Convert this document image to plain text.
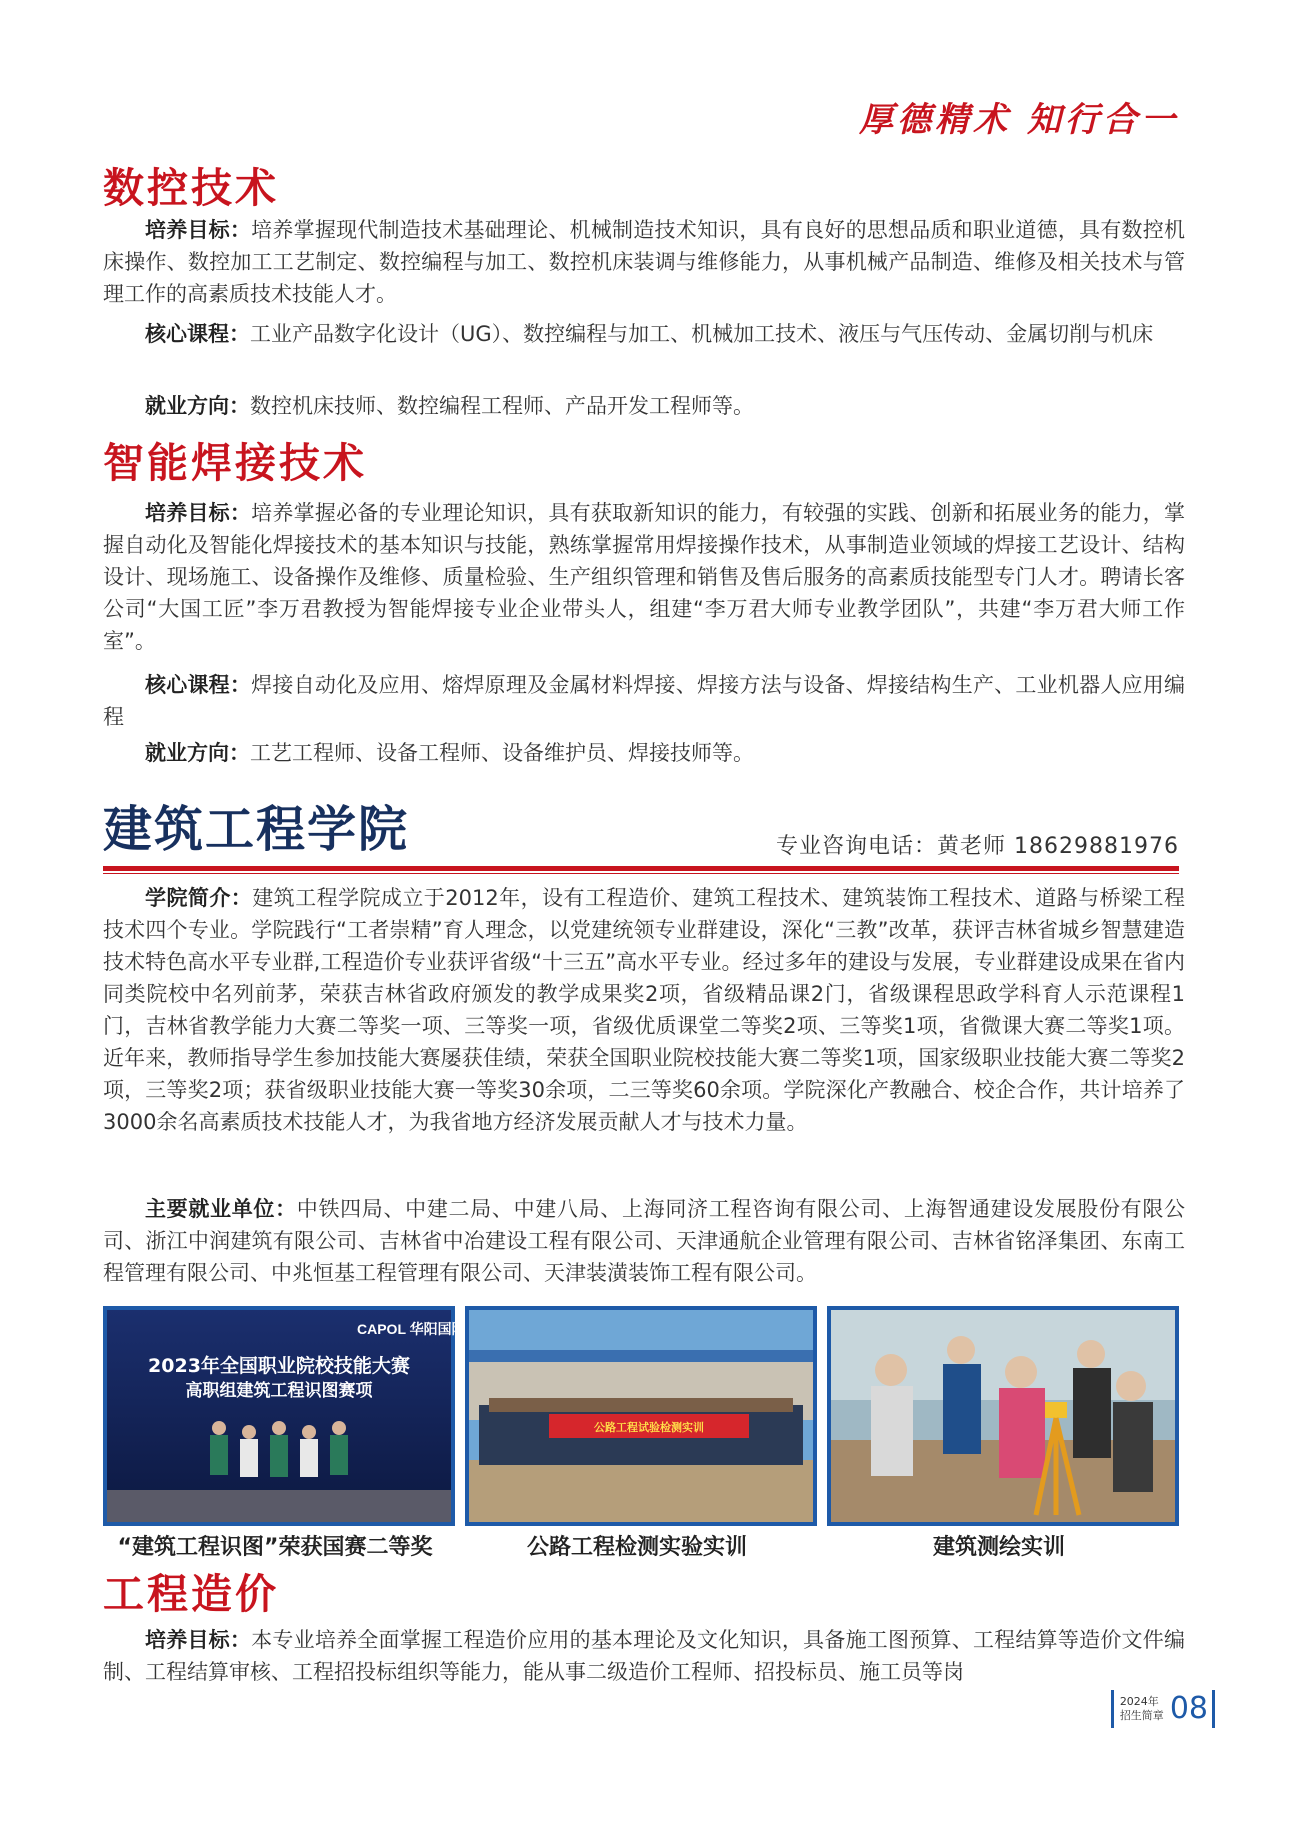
厚德精术 知行合一
数控技术

培养目标：培养掌握现代制造技术基础理论、机械制造技术知识，具有良好的思想品质和职业道德，具有数控机床操作、数控加工工艺制定、数控编程与加工、数控机床装调与维修能力，从事机械产品制造、维修及相关技术与管理工作的高素质技术技能人才。

核心课程：工业产品数字化设计（UG）、数控编程与加工、机械加工技术、液压与气压传动、金属切削与机床

就业方向：数控机床技师、数控编程工程师、产品开发工程师等。

智能焊接技术

培养目标：培养掌握必备的专业理论知识，具有获取新知识的能力，有较强的实践、创新和拓展业务的能力，掌握自动化及智能化焊接技术的基本知识与技能，熟练掌握常用焊接操作技术，从事制造业领域的焊接工艺设计、结构设计、现场施工、设备操作及维修、质量检验、生产组织管理和销售及售后服务的高素质技能型专门人才。聘请长客公司“大国工匠”李万君教授为智能焊接专业企业带头人，组建“李万君大师专业教学团队”，共建“李万君大师工作室”。

核心课程：焊接自动化及应用、熔焊原理及金属材料焊接、焊接方法与设备、焊接结构生产、工业机器人应用编程

就业方向：工艺工程师、设备工程师、设备维护员、焊接技师等。

建筑工程学院	专业咨询电话：黄老师 18629881976

学院简介：建筑工程学院成立于2012年，设有工程造价、建筑工程技术、建筑装饰工程技术、道路与桥梁工程技术四个专业。学院践行“工者崇精”育人理念，以党建统领专业群建设，深化“三教”改革，获评吉林省城乡智慧建造技术特色高水平专业群,工程造价专业获评省级“十三五”高水平专业。经过多年的建设与发展，专业群建设成果在省内同类院校中名列前茅，荣获吉林省政府颁发的教学成果奖2项，省级精品课2门，省级课程思政学科育人示范课程1门，吉林省教学能力大赛二等奖一项、三等奖一项，省级优质课堂二等奖2项、三等奖1项，省微课大赛二等奖1项。近年来，教师指导学生参加技能大赛屡获佳绩，荣获全国职业院校技能大赛二等奖1项，国家级职业技能大赛二等奖2项，三等奖2项；获省级职业技能大赛一等奖30余项，二三等奖60余项。学院深化产教融合、校企合作，共计培养了3000余名高素质技术技能人才，为我省地方经济发展贡献人才与技术力量。

主要就业单位：中铁四局、中建二局、中建八局、上海同济工程咨询有限公司、上海智通建设发展股份有限公司、浙江中润建筑有限公司、吉林省中冶建设工程有限公司、天津通航企业管理有限公司、吉林省铭泽集团、东南工程管理有限公司、中兆恒基工程管理有限公司、天津装潢装饰工程有限公司。

CAPOL 华阳国际
2023年全国职业院校技能大赛
高职组建筑工程识图赛项
“建筑工程识图”荣获国赛二等奖
公路工程试验检测实训
公路工程检测实验实训	建筑测绘实训
工程造价

培养目标：本专业培养全面掌握工程造价应用的基本理论及文化知识，具备施工图预算、工程结算等造价文件编制、工程结算审核、工程招投标组织等能力，能从事二级造价工程师、招投标员、施工员等岗

2024年
招生简章 08
